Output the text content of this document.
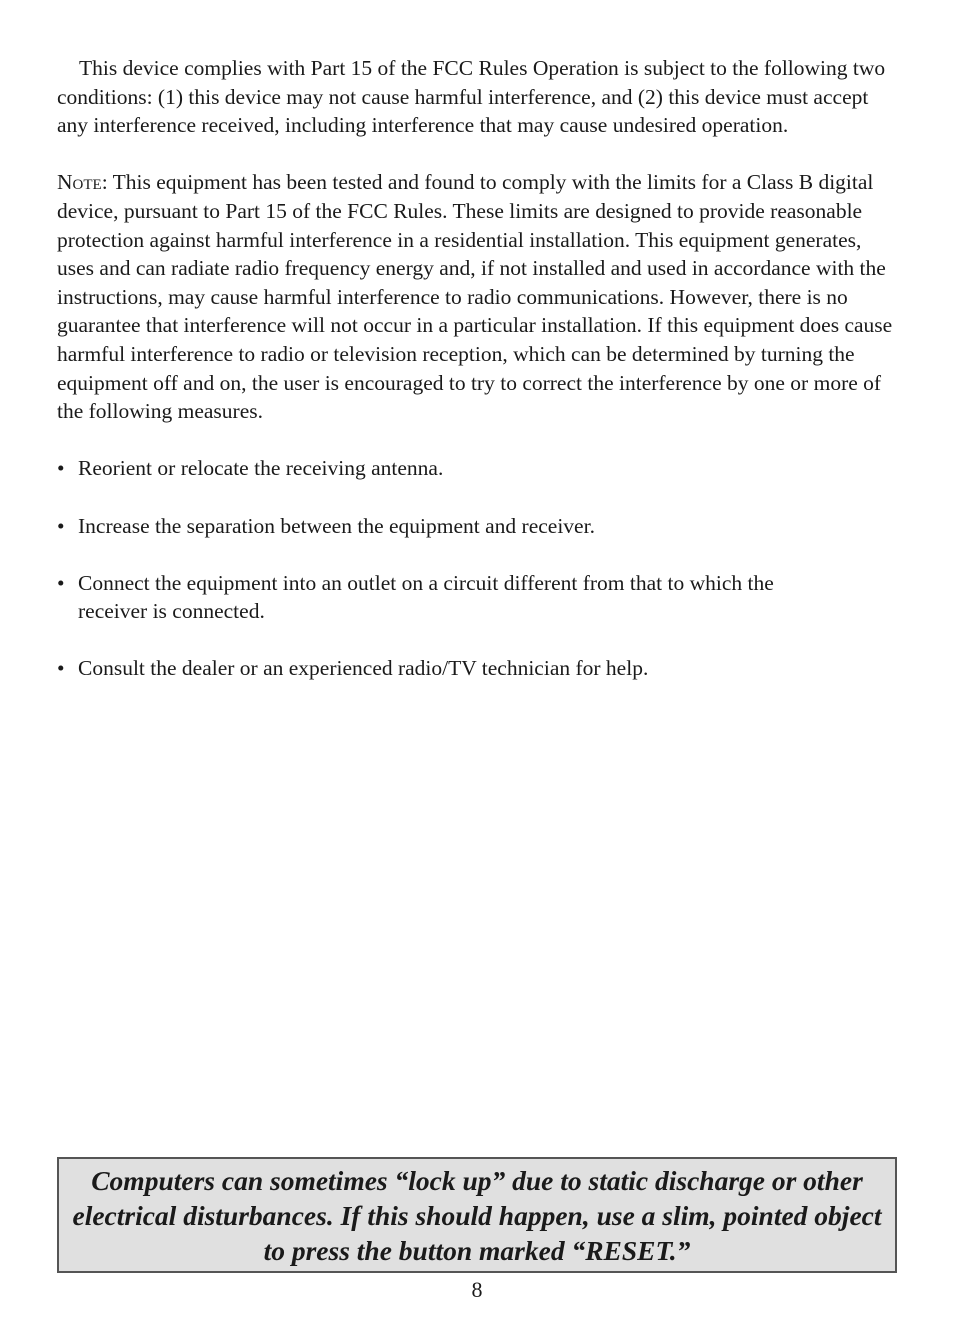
This device complies with Part 15 of the FCC Rules Operation is subject to the following two conditions: (1) this device may not cause harmful interference, and (2) this device must accept any interference received, including interference that may cause undesired operation.

Note: This equipment has been tested and found to comply with the limits for a Class B digital device, pursuant to Part 15 of the FCC Rules. These limits are designed to provide reasonable protection against harmful interference in a residential installation. This equipment generates, uses and can radiate radio frequency energy and, if not installed and used in accordance with the instructions, may cause harmful interference to radio communications. However, there is no guarantee that interference will not occur in a particular installation. If this equipment does cause harmful interference to radio or television reception, which can be determined by turning the equipment off and on, the user is encouraged to try to correct the interference by one or more of the following measures.

• Reorient or relocate the receiving antenna.
• Increase the separation between the equipment and receiver.
• Connect the equipment into an outlet on a circuit different from that to which the receiver is connected.
• Consult the dealer or an experienced radio/TV technician for help.

Computers can sometimes “lock up” due to static discharge or other electrical disturbances. If this should happen, use a slim, pointed object to press the button marked “RESET.”

8
